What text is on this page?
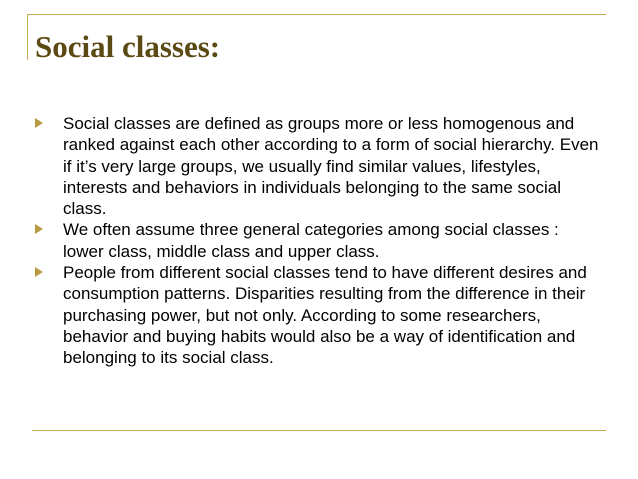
Social classes:
Social classes are defined as groups more or less homogenous and ranked against each other according to a form of social hierarchy. Even if it’s very large groups, we usually find similar values, lifestyles, interests and behaviors in individuals belonging to the same social class.
We often assume three general categories among social classes : lower class, middle class and upper class.
People from different social classes tend to have different desires and consumption patterns. Disparities resulting from the difference in their purchasing power, but not only. According to some researchers, behavior and buying habits would also be a way of identification and belonging to its social class.
